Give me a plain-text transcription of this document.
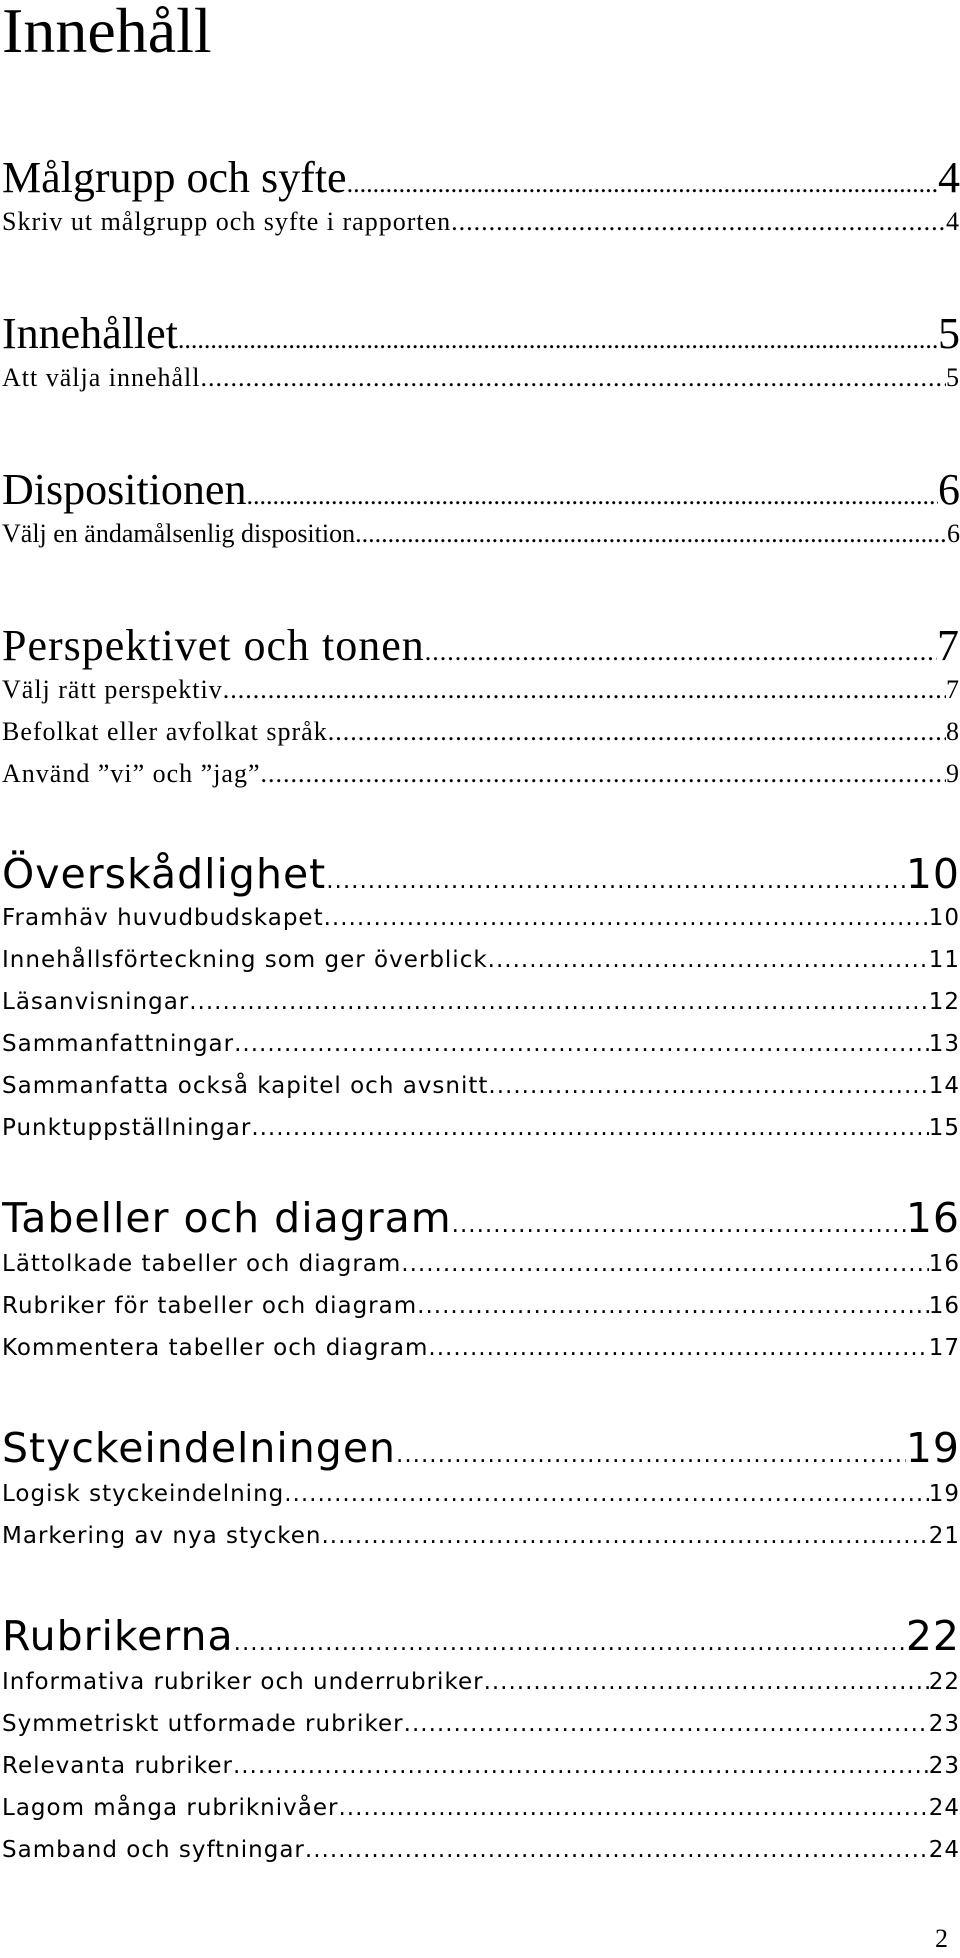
Innehåll
Målgrupp och syfte .....	4
Skriv ut målgrupp och syfte i rapporten .....	4
Innehållet .....	5
Att välja innehåll .....	5
Dispositionen .....	6
Välj en ändamålsenlig disposition .....	6
Perspektivet och tonen .....	7
Välj rätt perspektiv .....	7
Befolkat eller avfolkat språk .....	8
Använd ”vi” och ”jag” .....	9
Överskådlighet .....	10
Framhäv huvudbudskapet .....	10
Innehållsförteckning som ger överblick .....	11
Läsanvisningar .....	12
Sammanfattningar .....	13
Sammanfatta också kapitel och avsnitt .....	14
Punktuppställningar .....	15
Tabeller och diagram .....	16
Lättolkade tabeller och diagram .....	16
Rubriker för tabeller och diagram .....	16
Kommentera tabeller och diagram .....	17
Styckeindelningen .....	19
Logisk styckeindelning .....	19
Markering av nya stycken .....	21
Rubrikerna .....	22
Informativa rubriker och underrubriker .....	22
Symmetriskt utformade rubriker .....	23
Relevanta rubriker .....	23
Lagom många rubriknivåer .....	24
Samband och syftningar .....	24
2
